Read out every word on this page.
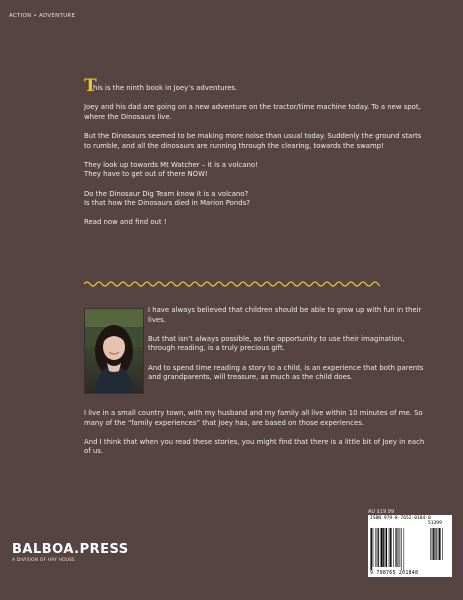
ACTION • ADVENTURE

T
his is the ninth book in Joey’s adventures.

Joey and his dad are going on a new adventure on the tractor/time machine today. To a new spot, where the Dinosaurs live.

But the Dinosaurs seemed to be making more noise than usual today. Suddenly the ground starts to rumble, and all the dinosaurs are running through the clearing, towards the swamp!

They look up towards Mt Watcher – it is a volcano!
They have to get out of there NOW!

Do the Dinosaur Dig Team know it is a volcano?
Is that how the Dinosaurs died in Marion Ponds?

Read now and find out !

I have always believed that children should be able to grow up with fun in their lives.

But that isn’t always possible, so the opportunity to use their imagination, through reading, is a truly precious gift.

And to spend time reading a story to a child, is an experience that both parents and grandparents, will treasure, as much as the child does.

I live in a small country town, with my husband and my family all live within 10 minutes of me. So many of the “family experiences” that Joey has, are based on those experiences.

And I think that when you read these stories, you might find that there is a little bit of Joey in each of us.

AU $19.99
ISBN 979-8-7652-0184-8
51399
9 798765 201848
BALBOA.PRESS
A DIVISION OF HAY HOUSE
